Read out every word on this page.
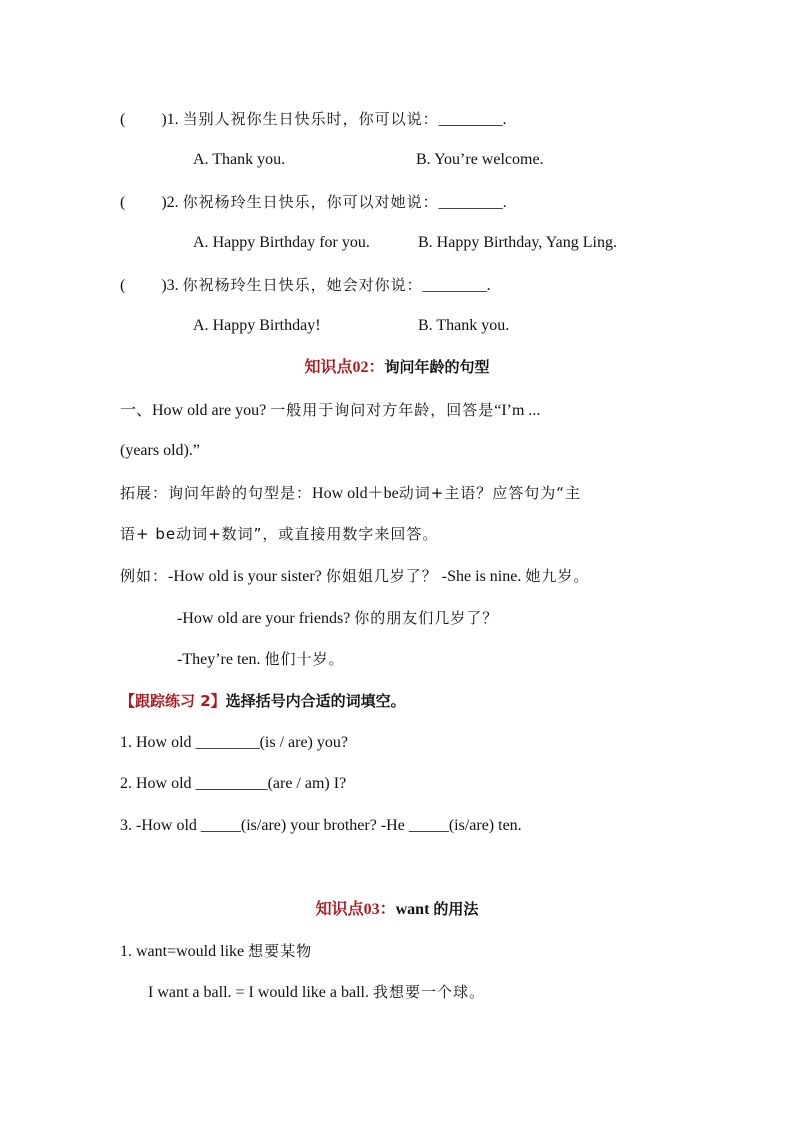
( )1. 当别人祝你生日快乐时，你可以说：________.
A. Thank you.	B. You’re welcome.
( )2. 你祝杨玲生日快乐，你可以对她说：________.
A. Happy Birthday for you.	B. Happy Birthday, Yang Ling.
( )3. 你祝杨玲生日快乐，她会对你说：________.
A. Happy Birthday!	B. Thank you.
知识点02：询问年龄的句型
一、How old are you? 一般用于询问对方年龄，回答是“I’m ...
(years old).”
拓展：询问年龄的句型是：How old＋be动词+主语？应答句为“主
语+ be动词+数词”，或直接用数字来回答。
例如：-How old is your sister? 你姐姐几岁了？ -She is nine. 她九岁。
-How old are your friends? 你的朋友们几岁了？
-They’re ten. 他们十岁。
【跟踪练习 2】选择括号内合适的词填空。
1. How old ________(is / are) you?
2. How old _________(are / am) I?
3. -How old _____(is/are) your brother? -He _____(is/are) ten.
知识点03：want 的用法
1. want=would like 想要某物
I want a ball. = I would like a ball. 我想要一个球。
